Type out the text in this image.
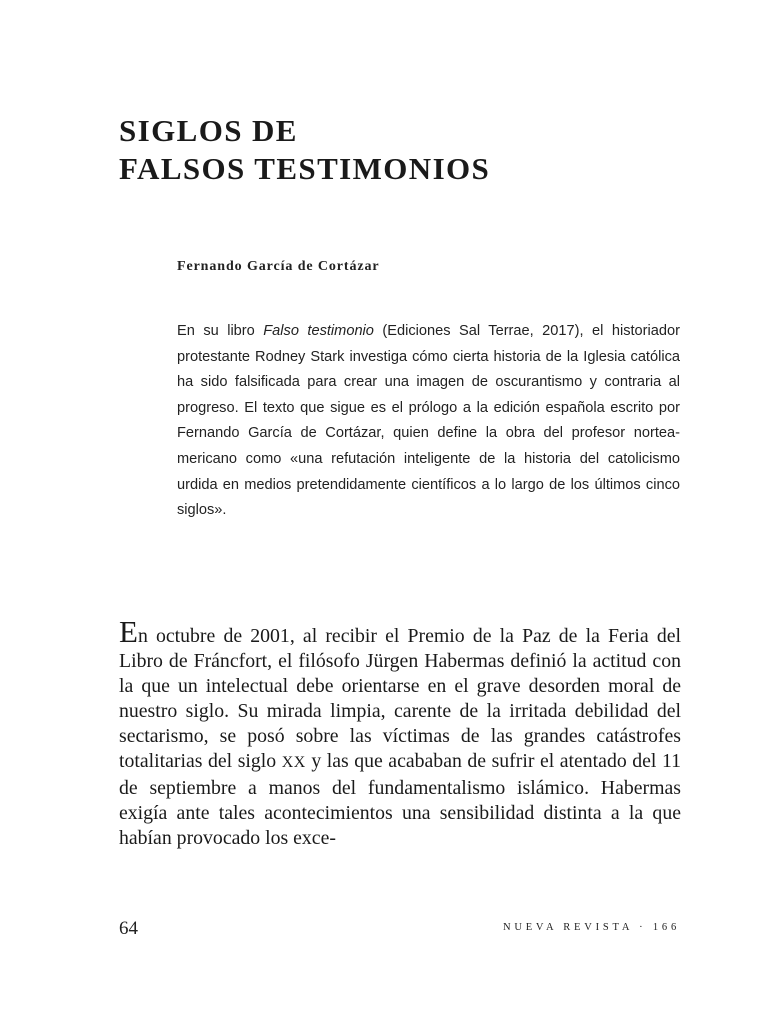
SIGLOS DE
FALSOS TESTIMONIOS
Fernando García de Cortázar

En su libro Falso testimonio (Ediciones Sal Terrae, 2017), el historiador protestante Rodney Stark investiga cómo cierta historia de la Iglesia católica ha sido falsificada para crear una imagen de oscurantismo y contraria al progreso. El texto que sigue es el prólogo a la edición española escrito por Fernando García de Cortázar, quien define la obra del profesor norteamericano como «una refutación inteligente de la historia del catolicismo urdida en medios pretendidamente científicos a lo largo de los últimos cinco siglos».

En octubre de 2001, al recibir el Premio de la Paz de la Feria del Libro de Fráncfort, el filósofo Jürgen Habermas definió la actitud con la que un intelectual debe orientarse en el grave desorden moral de nuestro siglo. Su mirada limpia, carente de la irritada debilidad del sectarismo, se posó sobre las víctimas de las grandes catástrofes totalitarias del siglo XX y las que acababan de sufrir el atentado del 11 de septiembre a manos del fundamentalismo islámico. Habermas exigía ante tales acontecimientos una sensibilidad distinta a la que habían provocado los exce-

64	NUEVA REVISTA · 166
